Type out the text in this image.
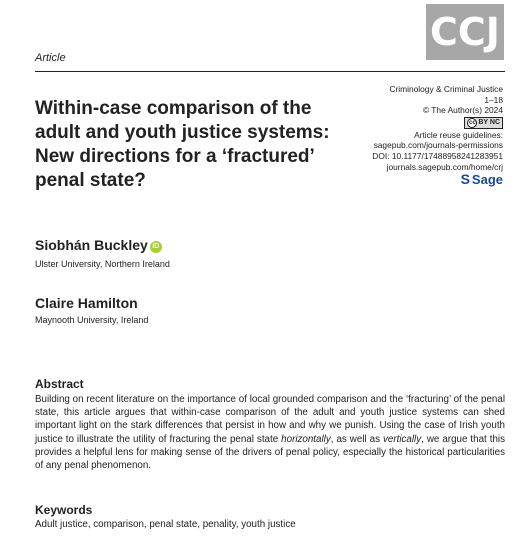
CCJ
Article
Within-case comparison of the adult and youth justice systems: New directions for a ‘fractured’ penal state?
Criminology & Criminal Justice
1–18
© The Author(s) 2024
cc BY NC
Article reuse guidelines:
sagepub.com/journals-permissions
DOI: 10.1177/17488958241283951
journals.sagepub.com/home/crj
S Sage
Siobhán Buckley iD
Ulster University, Northern Ireland
Claire Hamilton
Maynooth University, Ireland
Abstract
Building on recent literature on the importance of local grounded comparison and the ‘fracturing’ of the penal state, this article argues that within-case comparison of the adult and youth justice systems can shed important light on the stark differences that persist in how and why we punish. Using the case of Irish youth justice to illustrate the utility of fracturing the penal state horizontally, as well as vertically, we argue that this provides a helpful lens for making sense of the drivers of penal policy, especially the historical particularities of any penal phenomenon.
Keywords
Adult justice, comparison, penal state, penality, youth justice
